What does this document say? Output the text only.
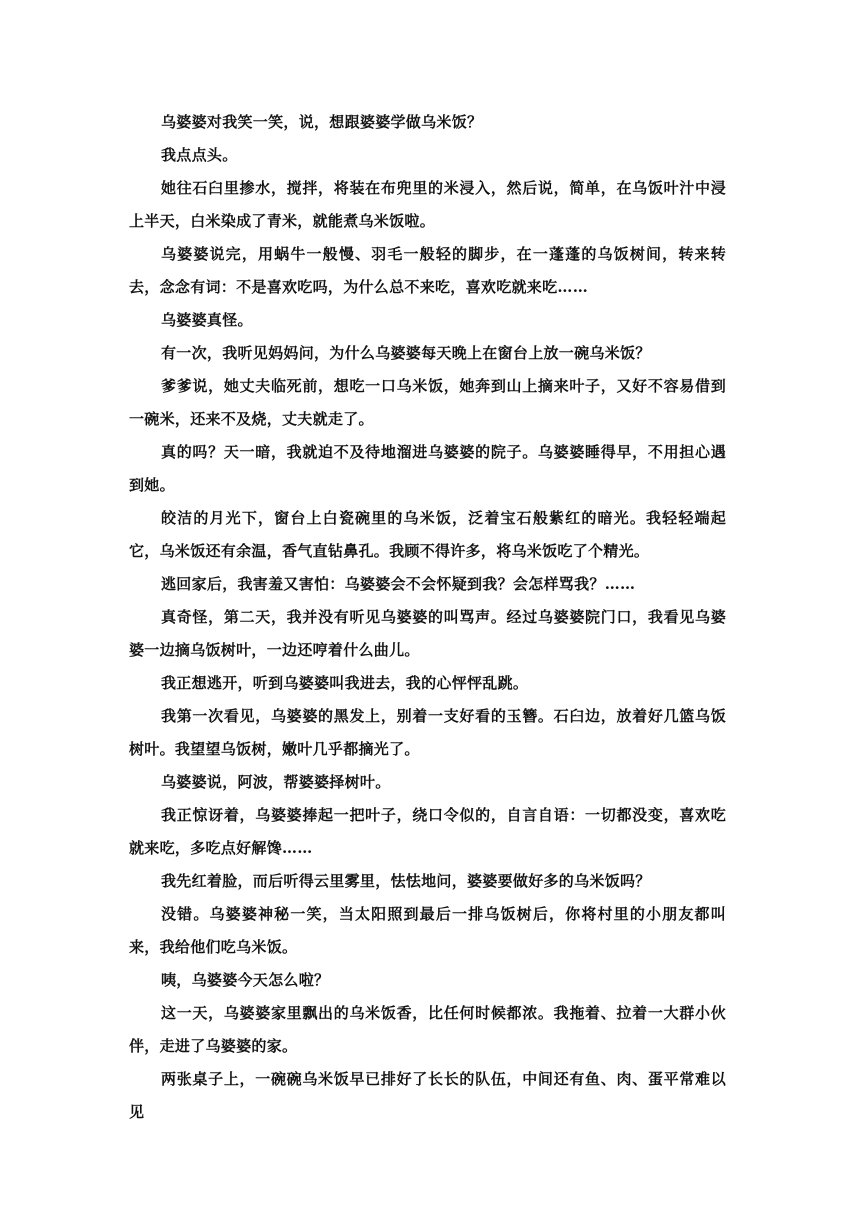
乌婆婆对我笑一笑，说，想跟婆婆学做乌米饭？

我点点头。

她往石臼里掺水，搅拌，将装在布兜里的米浸入，然后说，简单，在乌饭叶汁中浸上半天，白米染成了青米，就能煮乌米饭啦。

乌婆婆说完，用蜗牛一般慢、羽毛一般轻的脚步，在一蓬蓬的乌饭树间，转来转去，念念有词：不是喜欢吃吗，为什么总不来吃，喜欢吃就来吃……

乌婆婆真怪。

有一次，我听见妈妈问，为什么乌婆婆每天晚上在窗台上放一碗乌米饭？

爹爹说，她丈夫临死前，想吃一口乌米饭，她奔到山上摘来叶子，又好不容易借到一碗米，还来不及烧，丈夫就走了。

真的吗？天一暗，我就迫不及待地溜进乌婆婆的院子。乌婆婆睡得早，不用担心遇到她。

皎洁的月光下，窗台上白瓷碗里的乌米饭，泛着宝石般紫红的暗光。我轻轻端起它，乌米饭还有余温，香气直钻鼻孔。我顾不得许多，将乌米饭吃了个精光。

逃回家后，我害羞又害怕：乌婆婆会不会怀疑到我？会怎样骂我？……

真奇怪，第二天，我并没有听见乌婆婆的叫骂声。经过乌婆婆院门口，我看见乌婆婆一边摘乌饭树叶，一边还哼着什么曲儿。

我正想逃开，听到乌婆婆叫我进去，我的心怦怦乱跳。

我第一次看见，乌婆婆的黑发上，别着一支好看的玉簪。石臼边，放着好几篮乌饭树叶。我望望乌饭树，嫩叶几乎都摘光了。

乌婆婆说，阿波，帮婆婆择树叶。

我正惊讶着，乌婆婆捧起一把叶子，绕口令似的，自言自语：一切都没变，喜欢吃就来吃，多吃点好解馋……

我先红着脸，而后听得云里雾里，怯怯地问，婆婆要做好多的乌米饭吗？

没错。乌婆婆神秘一笑，当太阳照到最后一排乌饭树后，你将村里的小朋友都叫来，我给他们吃乌米饭。

咦，乌婆婆今天怎么啦？

这一天，乌婆婆家里飘出的乌米饭香，比任何时候都浓。我拖着、拉着一大群小伙伴，走进了乌婆婆的家。

两张桌子上，一碗碗乌米饭早已排好了长长的队伍，中间还有鱼、肉、蛋平常难以见
